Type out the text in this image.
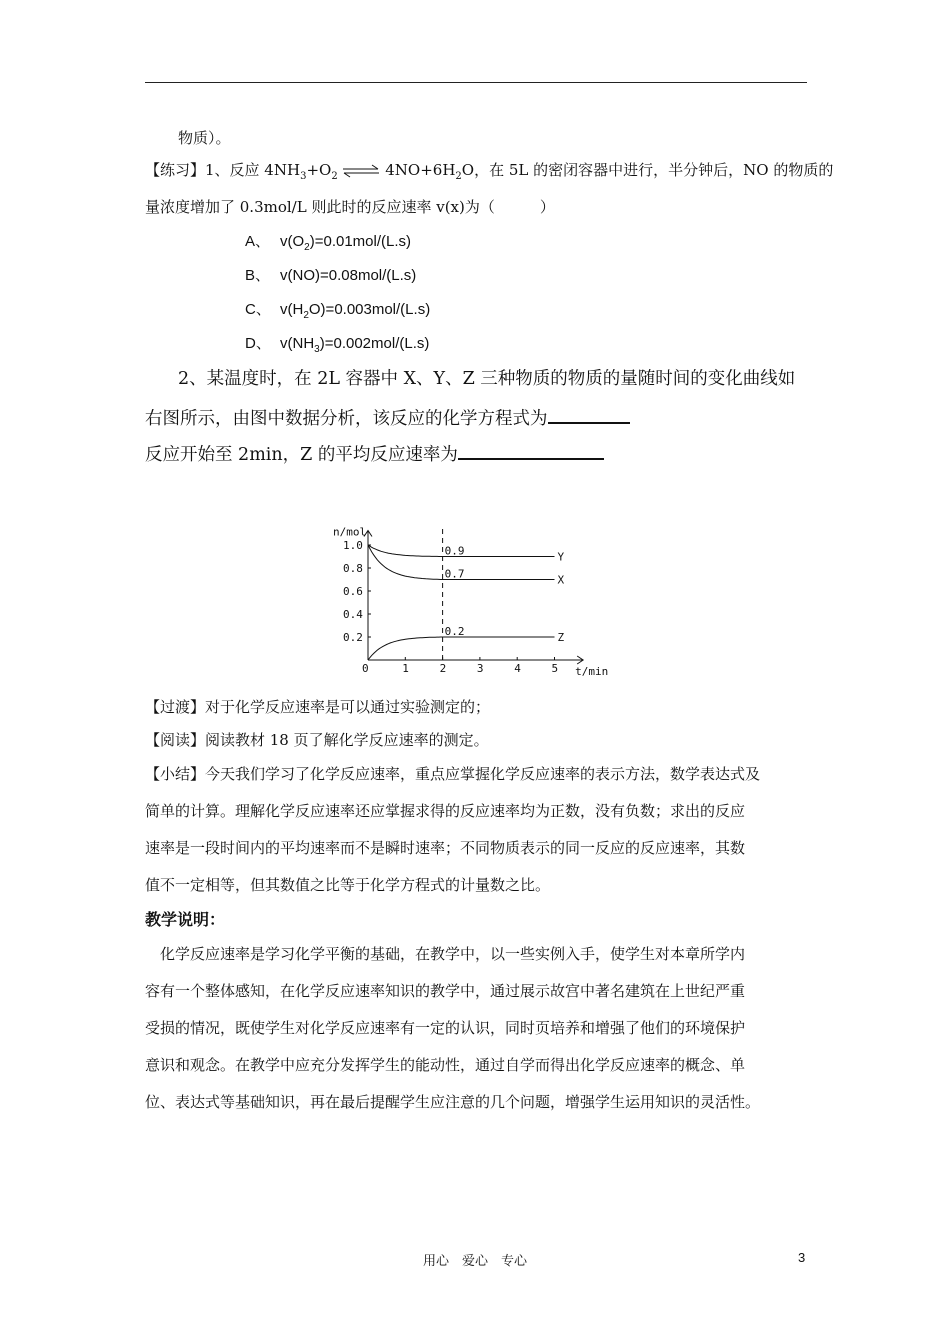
物质）。
【练习】1、反应 $4NH_3+O_2$ ⇌ $4NO+6H_2O$，在 5L 的密闭容器中进行，半分钟后，NO 的物质的
量浓度增加了 0.3mol/L 则此时的反应速率 v(x)为（　　　）
A、 $v(O_2)=0.01mol/(L.s)$
B、 v(NO)=0.08mol/(L.s)
C、 $v(H_2O)=0.003mol/(L.s)$
D、 $v(NH_3)=0.002mol/(L.s)$
2、某温度时，在 2L 容器中 X、Y、Z 三种物质的物质的量随时间的变化曲线如
右图所示，由图中数据分析，该反应的化学方程式为
反应开始至 2min，Z 的平均反应速率为
n/mol
t/min
0	1	2	3	4	5
0.2
0.4
0.6
0.8
1.0	0.9	Y
0.7	X
0.2	Z
【过渡】对于化学反应速率是可以通过实验测定的；
【阅读】阅读教材 18 页了解化学反应速率的测定。
【小结】今天我们学习了化学反应速率，重点应掌握化学反应速率的表示方法，数学表达式及
简单的计算。理解化学反应速率还应掌握求得的反应速率均为正数，没有负数；求出的反应
速率是一段时间内的平均速率而不是瞬时速率；不同物质表示的同一反应的反应速率，其数
值不一定相等，但其数值之比等于化学方程式的计量数之比。
教学说明：
　化学反应速率是学习化学平衡的基础，在教学中，以一些实例入手，使学生对本章所学内
容有一个整体感知，在化学反应速率知识的教学中，通过展示故宫中著名建筑在上世纪严重
受损的情况，既使学生对化学反应速率有一定的认识，同时页培养和增强了他们的环境保护
意识和观念。在教学中应充分发挥学生的能动性，通过自学而得出化学反应速率的概念、单
位、表达式等基础知识，再在最后提醒学生应注意的几个问题，增强学生运用知识的灵活性。
用心　爱心　专心	3
